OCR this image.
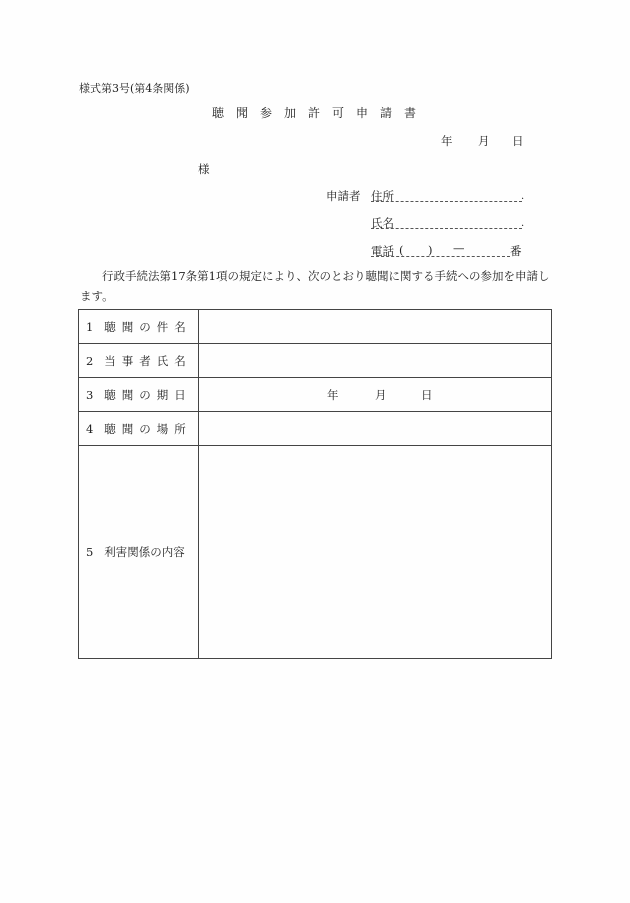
様式第3号(第4条関係)
聴聞参加許可申請書
年 月 日
様
申請者 住所	.
氏名	.
電話 ( ) —	番
行政手続法第17条第1項の規定により、次のとおり聴聞に関する手続への参加を申請します。
1 聴聞の件名	
2 当事者氏名	
3 聴聞の期日	年 月 日

4 聴聞の場所	
5 利害関係の内容	
